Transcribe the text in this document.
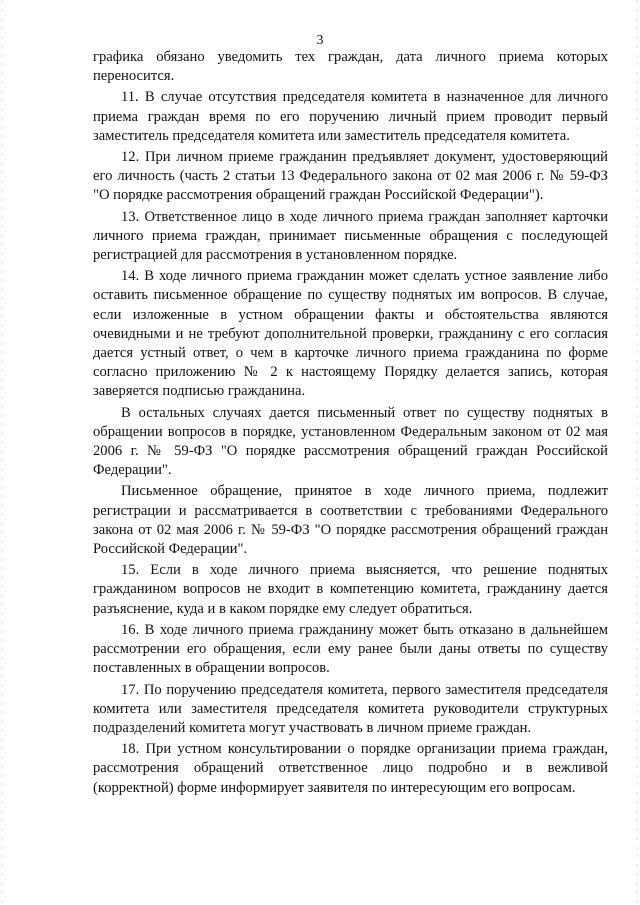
3

графика обязано уведомить тех граждан, дата личного приема которых переносится.

11. В случае отсутствия председателя комитета в назначенное для личного приема граждан время по его поручению личный прием проводит первый заместитель председателя комитета или заместитель председателя комитета.

12. При личном приеме гражданин предъявляет документ, удостоверяющий его личность (часть 2 статьи 13 Федерального закона от 02 мая 2006 г. № 59-ФЗ "О порядке рассмотрения обращений граждан Российской Федерации").

13. Ответственное лицо в ходе личного приема граждан заполняет карточки личного приема граждан, принимает письменные обращения с последующей регистрацией для рассмотрения в установленном порядке.

14. В ходе личного приема гражданин может сделать устное заявление либо оставить письменное обращение по существу поднятых им вопросов. В случае, если изложенные в устном обращении факты и обстоятельства являются очевидными и не требуют дополнительной проверки, гражданину с его согласия дается устный ответ, о чем в карточке личного приема гражданина по форме согласно приложению № 2 к настоящему Порядку делается запись, которая заверяется подписью гражданина.

В остальных случаях дается письменный ответ по существу поднятых в обращении вопросов в порядке, установленном Федеральным законом от 02 мая 2006 г. № 59-ФЗ "О порядке рассмотрения обращений граждан Российской Федерации".

Письменное обращение, принятое в ходе личного приема, подлежит регистрации и рассматривается в соответствии с требованиями Федерального закона от 02 мая 2006 г. № 59-ФЗ "О порядке рассмотрения обращений граждан Российской Федерации".

15. Если в ходе личного приема выясняется, что решение поднятых гражданином вопросов не входит в компетенцию комитета, гражданину дается разъяснение, куда и в каком порядке ему следует обратиться.

16. В ходе личного приема гражданину может быть отказано в дальнейшем рассмотрении его обращения, если ему ранее были даны ответы по существу поставленных в обращении вопросов.

17. По поручению председателя комитета, первого заместителя председателя комитета или заместителя председателя комитета руководители структурных подразделений комитета могут участвовать в личном приеме граждан.

18. При устном консультировании о порядке организации приема граждан, рассмотрения обращений ответственное лицо подробно и в вежливой (корректной) форме информирует заявителя по интересующим его вопросам.
